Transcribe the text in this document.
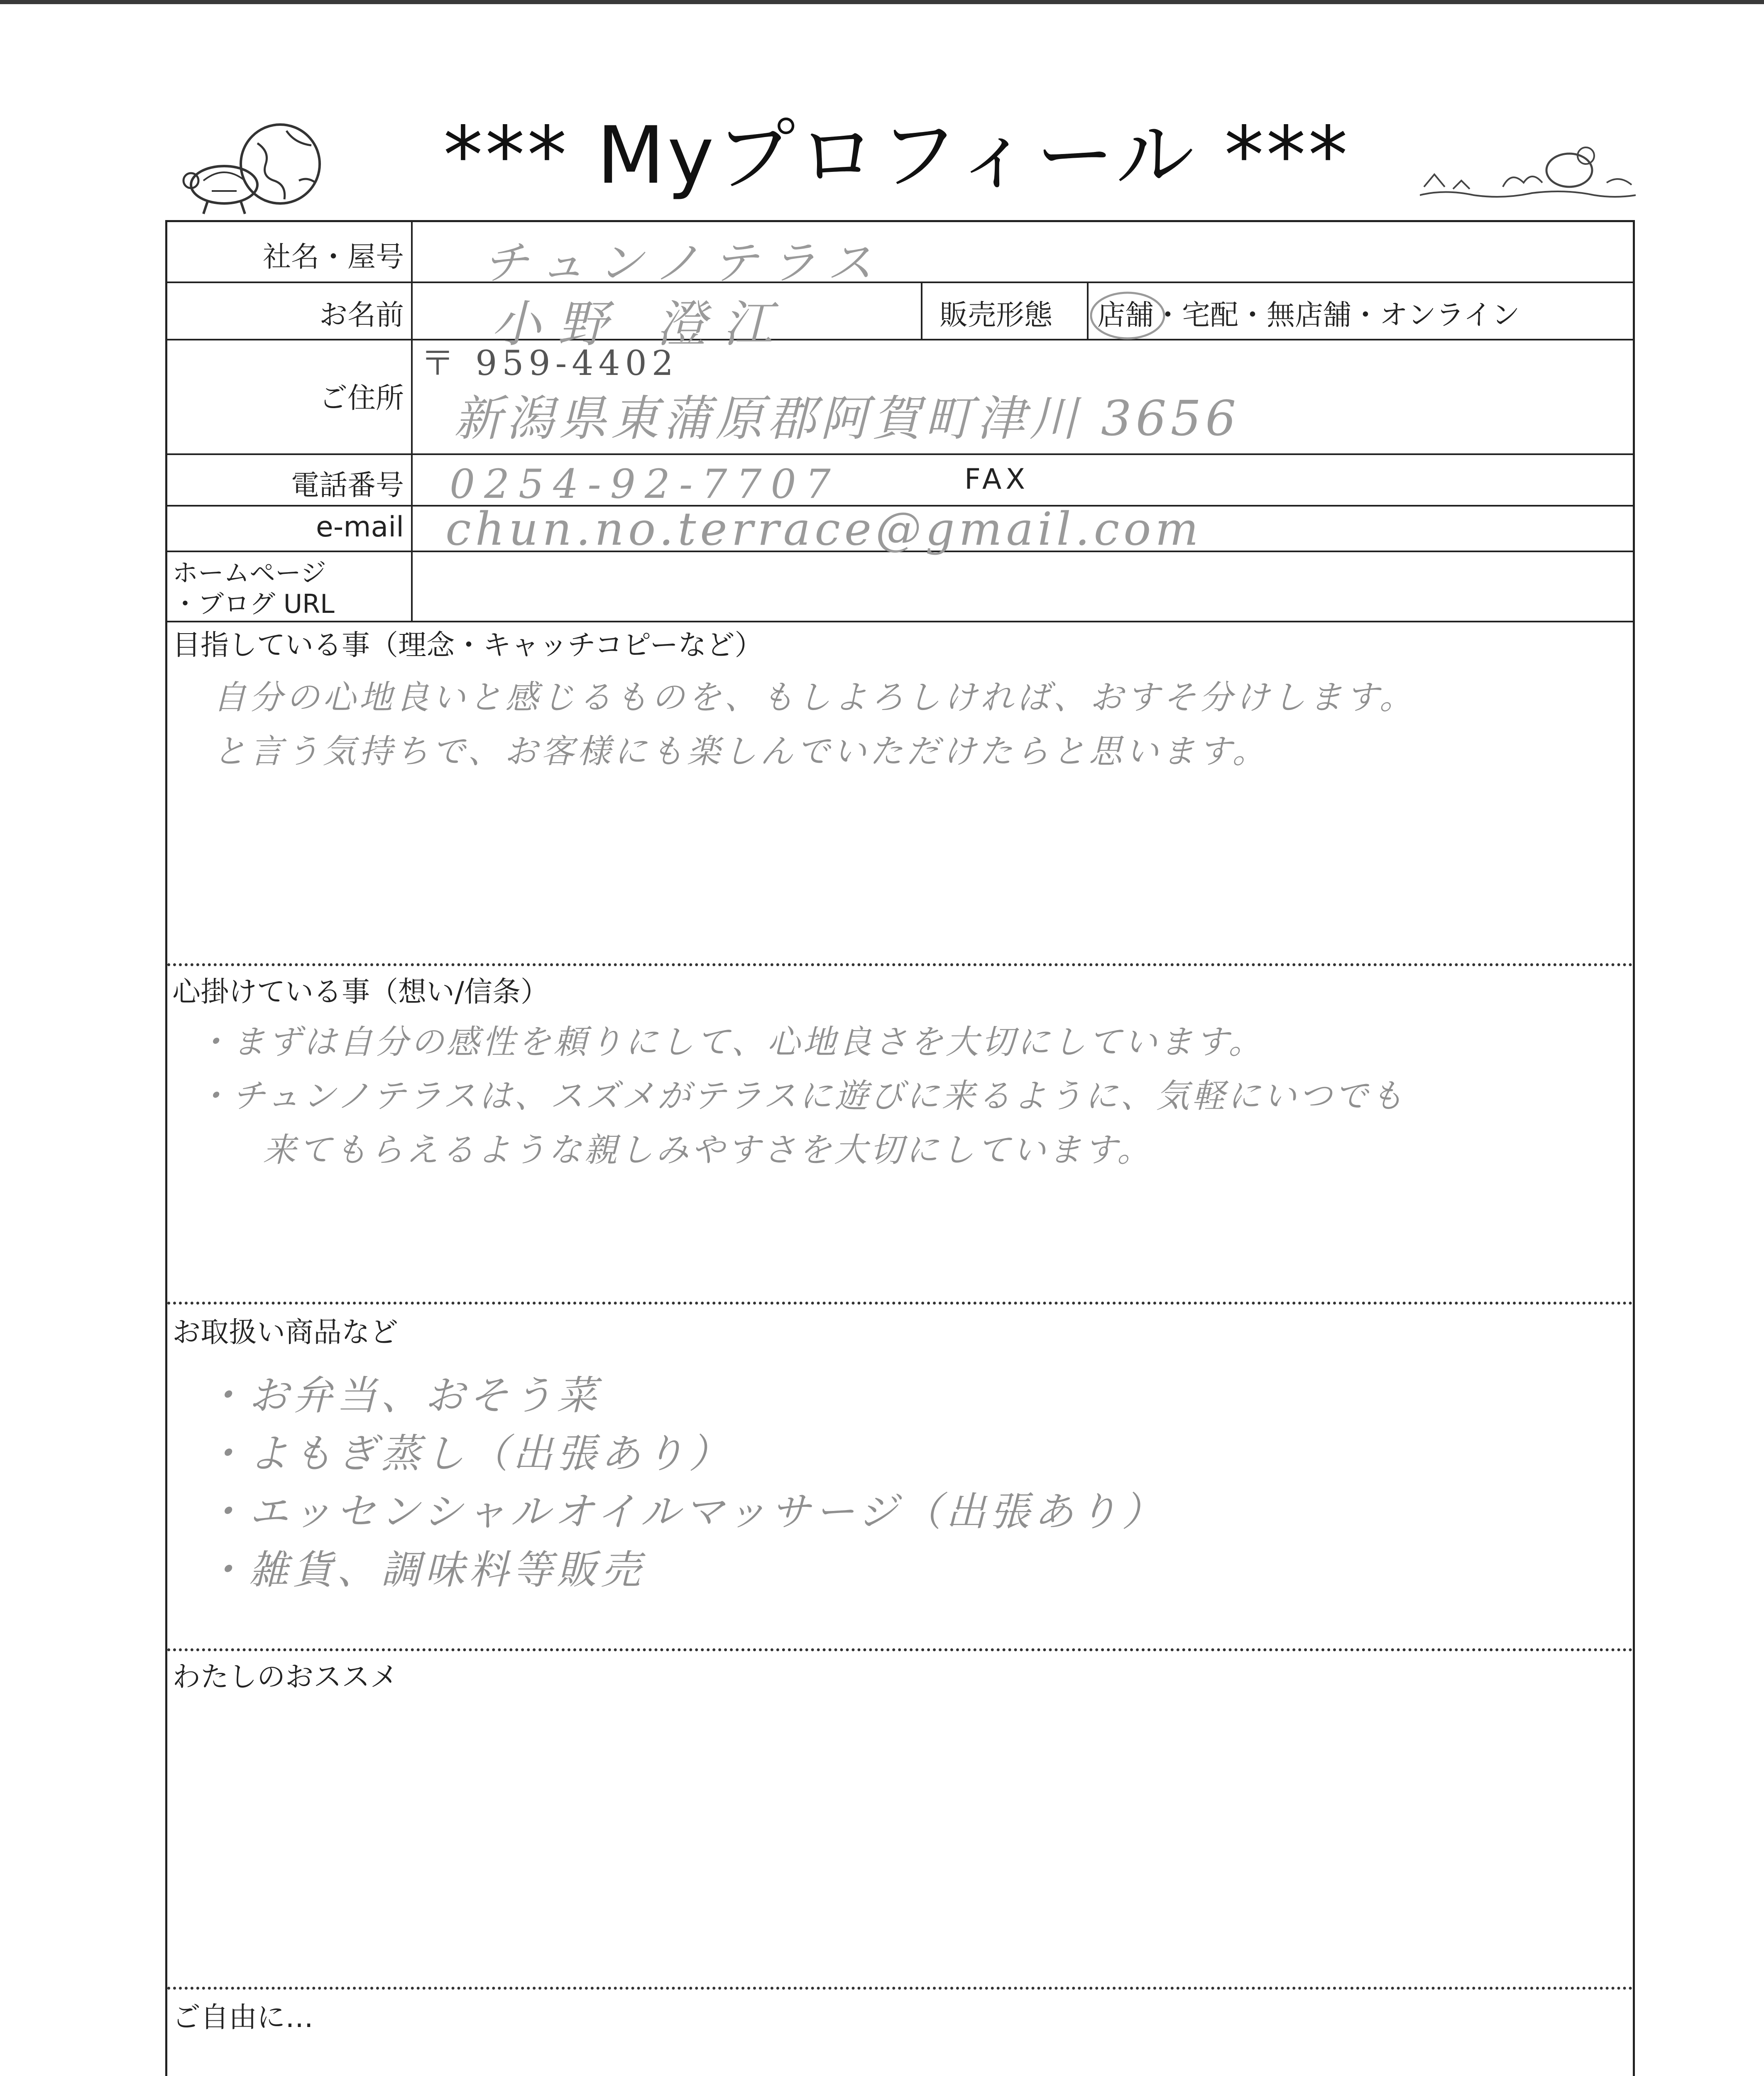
*** Myプロフィール ***
社名・屋号
お名前
ご住所
電話番号
e-mail
ホームページ
・ブログ URL
販売形態 店舗・宅配・無店舗・オンライン
チュンノテラス
小野 澄江
〒 959-4402
新潟県東蒲原郡阿賀町津川 3656
0254-92-7707	FAX
chun.no.terrace@gmail.com
目指している事（理念・キャッチコピーなど）
自分の心地良いと感じるものを、もしよろしければ、おすそ分けします。
と言う気持ちで、お客様にも楽しんでいただけたらと思います。
心掛けている事（想い/信条）
・まずは自分の感性を頼りにして、心地良さを大切にしています。
・チュンノテラスは、スズメがテラスに遊びに来るように、気軽にいつでも
来てもらえるような親しみやすさを大切にしています。
お取扱い商品など
・お弁当、おそう菜
・よもぎ蒸し（出張あり）
・エッセンシャルオイルマッサージ（出張あり）
・雑貨、調味料等販売
わたしのおススメ
ご自由に…
